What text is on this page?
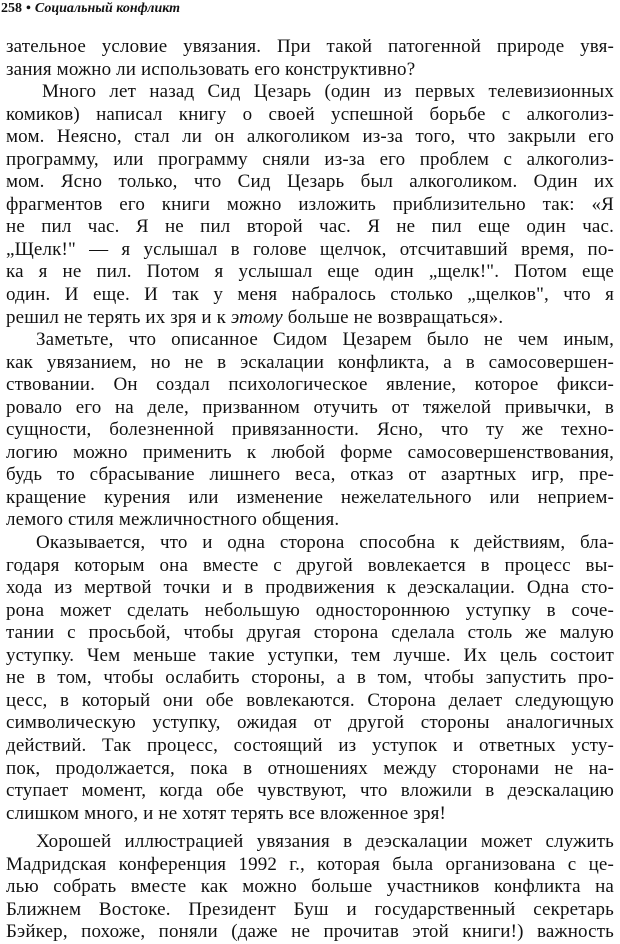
258 • Социальный конфликт
зательное условие увязания. При такой патогенной природе увя-
зания можно ли использовать его конструктивно?
Много лет назад Сид Цезарь (один из первых телевизионных
комиков) написал книгу о своей успешной борьбе с алкоголиз-
мом. Неясно, стал ли он алкоголиком из-за того, что закрыли его
программу, или программу сняли из-за его проблем с алкоголиз-
мом. Ясно только, что Сид Цезарь был алкоголиком. Один их
фрагментов его книги можно изложить приблизительно так: «Я
не пил час. Я не пил второй час. Я не пил еще один час.
„Щелк!" — я услышал в голове щелчок, отсчитавший время, по-
ка я не пил. Потом я услышал еще один „щелк!". Потом еще
один. И еще. И так у меня набралось столько „щелков", что я
решил не терять их зря и к этому больше не возвращаться».
Заметьте, что описанное Сидом Цезарем было не чем иным,
как увязанием, но не в эскалации конфликта, а в самосовершен-
ствовании. Он создал психологическое явление, которое фикси-
ровало его на деле, призванном отучить от тяжелой привычки, в
сущности, болезненной привязанности. Ясно, что ту же техно-
логию можно применить к любой форме самосовершенствования,
будь то сбрасывание лишнего веса, отказ от азартных игр, пре-
кращение курения или изменение нежелательного или неприем-
лемого стиля межличностного общения.
Оказывается, что и одна сторона способна к действиям, бла-
годаря которым она вместе с другой вовлекается в процесс вы-
хода из мертвой точки и в продвижения к деэскалации. Одна сто-
рона может сделать небольшую одностороннюю уступку в соче-
тании с просьбой, чтобы другая сторона сделала столь же малую
уступку. Чем меньше такие уступки, тем лучше. Их цель состоит
не в том, чтобы ослабить стороны, а в том, чтобы запустить про-
цесс, в который они обе вовлекаются. Сторона делает следующую
символическую уступку, ожидая от другой стороны аналогичных
действий. Так процесс, состоящий из уступок и ответных усту-
пок, продолжается, пока в отношениях между сторонами не на-
ступает момент, когда обе чувствуют, что вложили в деэскалацию
слишком много, и не хотят терять все вложенное зря!
Хорошей иллюстрацией увязания в деэскалации может служить
Мадридская конференция 1992 г., которая была организована с це-
лью собрать вместе как можно больше участников конфликта на
Ближнем Востоке. Президент Буш и государственный секретарь
Бэйкер, похоже, поняли (даже не прочитав этой книги!) важность
